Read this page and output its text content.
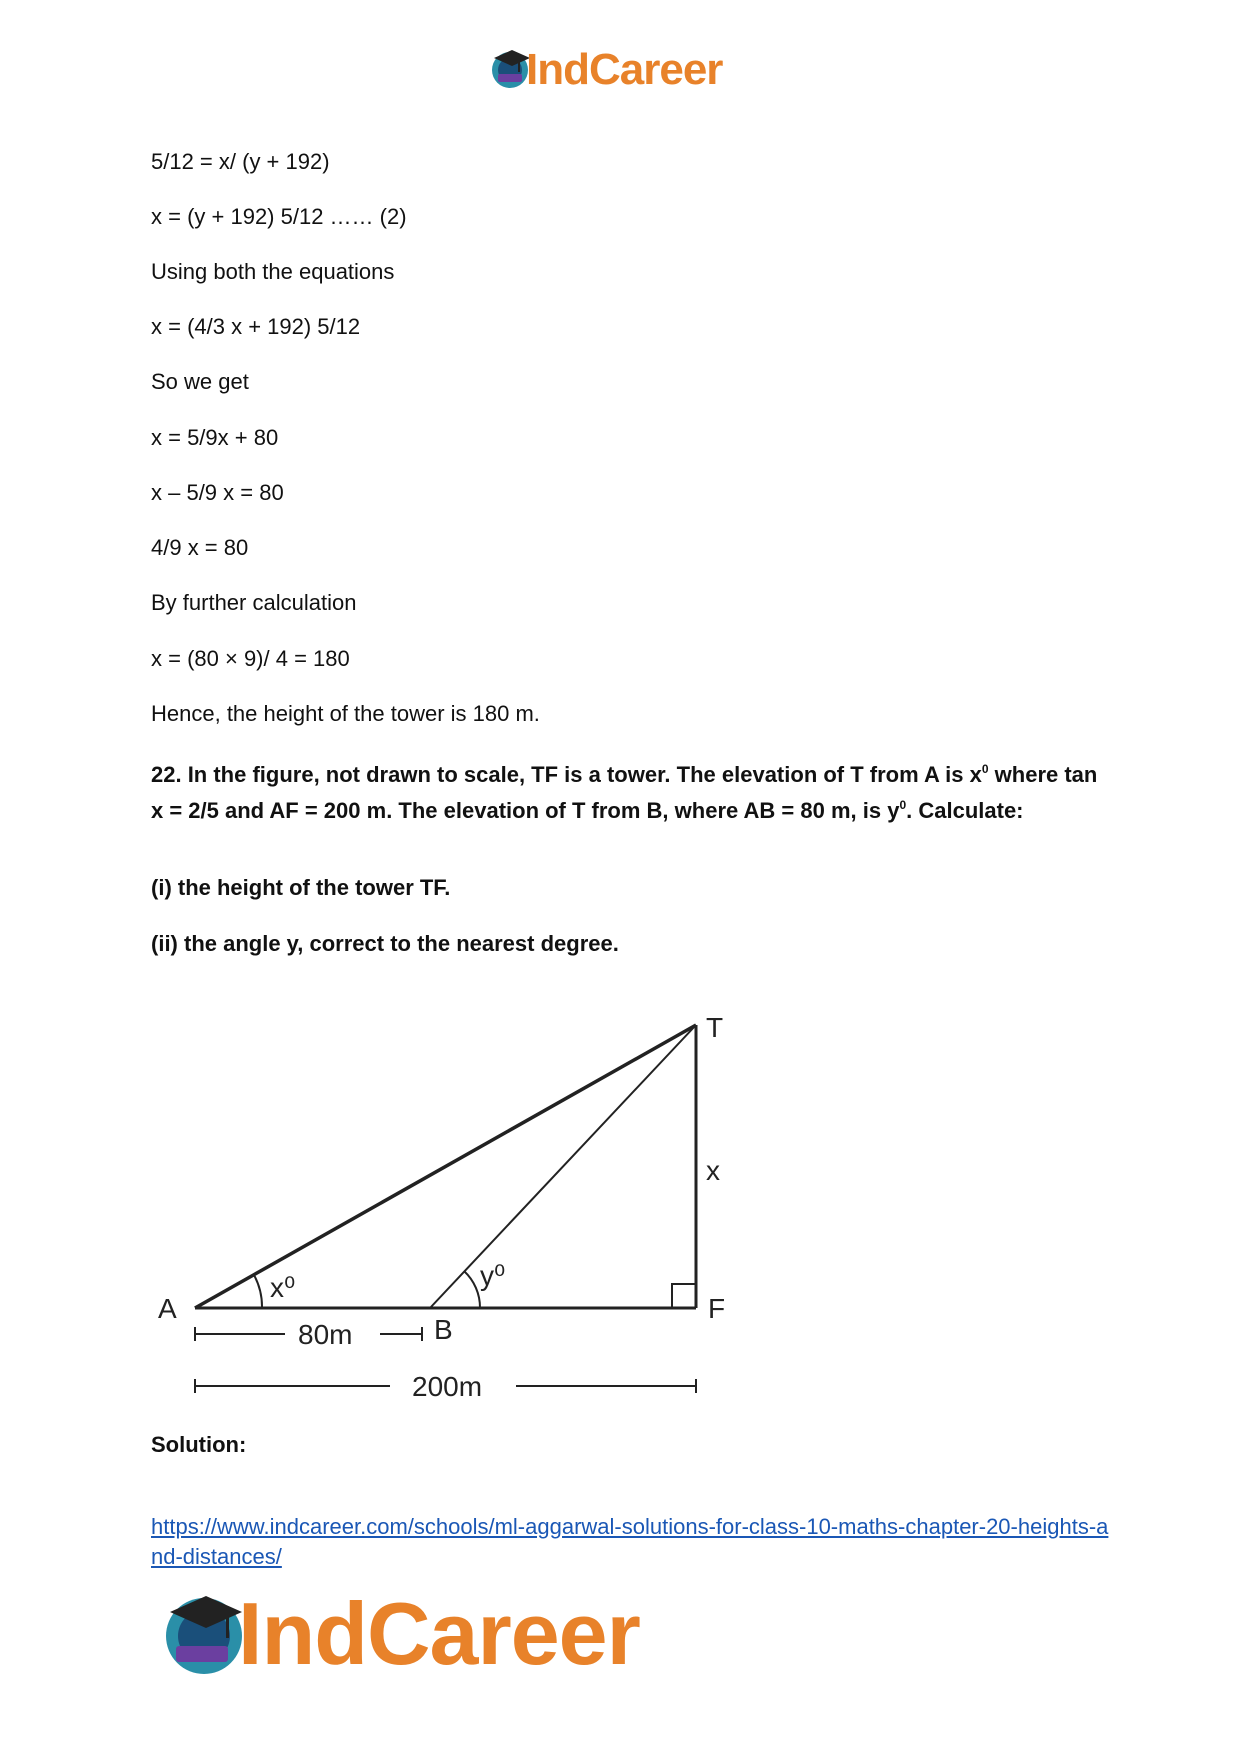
IndCareer
5/12 = x/ (y + 192)
x = (y + 192) 5/12 …… (2)
Using both the equations
x = (4/3 x + 192) 5/12
So we get
x = 5/9x + 80
x – 5/9 x = 80
4/9 x = 80
By further calculation
x = (80 × 9)/ 4 = 180
Hence, the height of the tower is 180 m.
22. In the figure, not drawn to scale, TF is a tower. The elevation of T from A is $x^0$ where tan x = 2/5 and AF = 200 m. The elevation of T from B, where AB = 80 m, is $y^0$. Calculate:
(i) the height of the tower TF.
(ii) the angle y, correct to the nearest degree.
T
x
A	F
B
x⁰	y⁰
80m
200m
Solution:
https://www.indcareer.com/schools/ml-aggarwal-solutions-for-class-10-maths-chapter-20-heights-and-distances/
IndCareer
